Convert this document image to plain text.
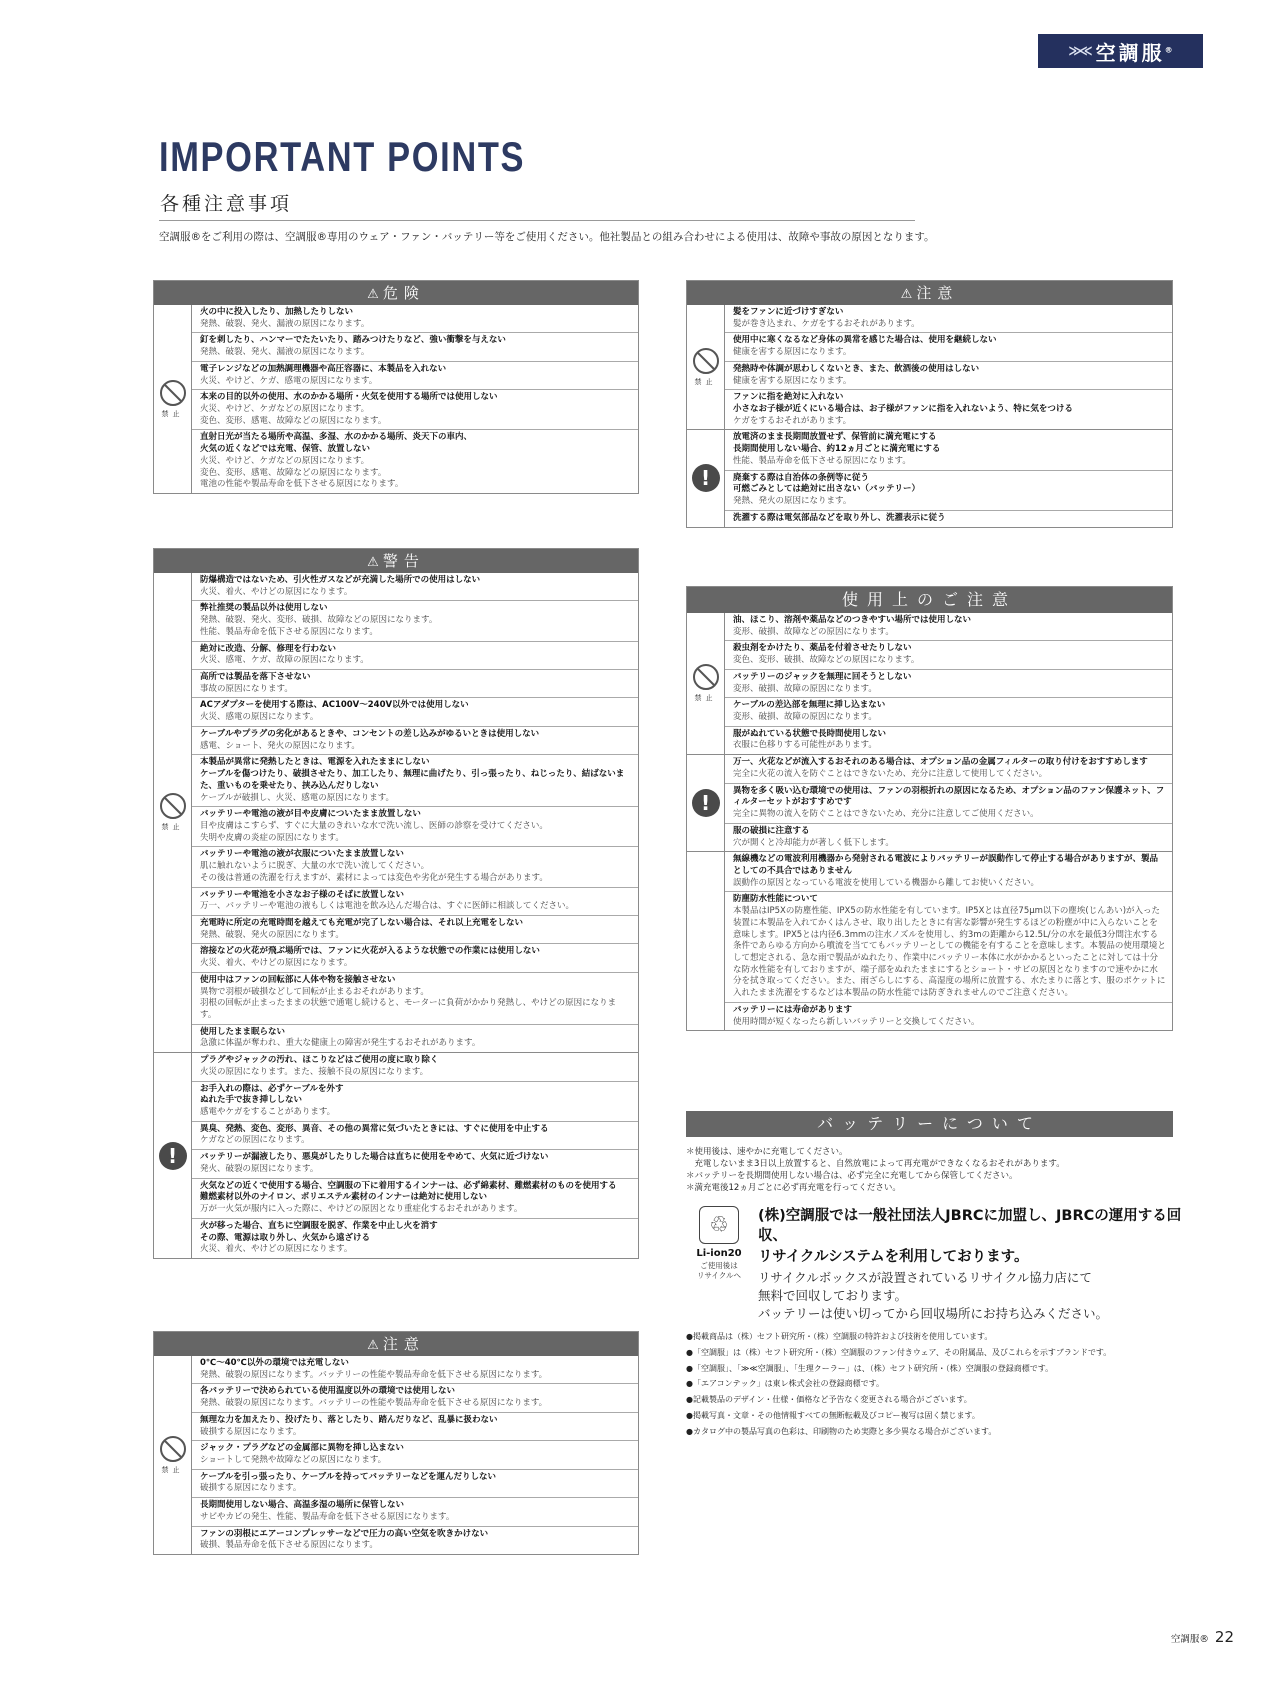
≫≪ 空調服®
IMPORTANT POINTS
各種注意事項
空調服®をご利用の際は、空調服®専用のウェア・ファン・バッテリー等をご使用ください。他社製品との組み合わせによる使用は、故障や事故の原因となります。
⚠ 危険
禁止
火の中に投入したり、加熱したりしない
発熱、破裂、発火、漏液の原因になります。
釘を刺したり、ハンマーでたたいたり、踏みつけたりなど、強い衝撃を与えない
発熱、破裂、発火、漏液の原因になります。
電子レンジなどの加熱調理機器や高圧容器に、本製品を入れない
火災、やけど、ケガ、感電の原因になります。
本来の目的以外の使用、水のかかる場所・火気を使用する場所では使用しない
火災、やけど、ケガなどの原因になります。
変色、変形、感電、故障などの原因になります。
直射日光が当たる場所や高温、多湿、水のかかる場所、炎天下の車内、
火気の近くなどでは充電、保管、放置しない
火災、やけど、ケガなどの原因になります。
変色、変形、感電、故障などの原因になります。
電池の性能や製品寿命を低下させる原因になります。
⚠ 警告
禁止
防爆構造ではないため、引火性ガスなどが充満した場所での使用はしない
火災、着火、やけどの原因になります。
弊社推奨の製品以外は使用しない
発熱、破裂、発火、変形、破損、故障などの原因になります。
性能、製品寿命を低下させる原因になります。
絶対に改造、分解、修理を行わない
火災、感電、ケガ、故障の原因になります。
高所では製品を落下させない
事故の原因になります。
ACアダプターを使用する際は、AC100V〜240V以外では使用しない
火災、感電の原因になります。
ケーブルやプラグの劣化があるときや、コンセントの差し込みがゆるいときは使用しない
感電、ショート、発火の原因になります。
本製品が異常に発熱したときは、電源を入れたままにしない
ケーブルを傷つけたり、破損させたり、加工したり、無理に曲げたり、引っ張ったり、ねじったり、結ばないまた、重いものを乗せたり、挟み込んだりしない
ケーブルが破損し、火災、感電の原因になります。
バッテリーや電池の液が目や皮膚についたまま放置しない
目や皮膚はこすらず、すぐに大量のきれいな水で洗い流し、医師の診察を受けてください。
失明や皮膚の炎症の原因になります。
バッテリーや電池の液が衣服についたまま放置しない
肌に触れないように脱ぎ、大量の水で洗い流してください。
その後は普通の洗濯を行えますが、素材によっては変色や劣化が発生する場合があります。
バッテリーや電池を小さなお子様のそばに放置しない
万一、バッテリーや電池の液もしくは電池を飲み込んだ場合は、すぐに医師に相談してください。
充電時に所定の充電時間を越えても充電が完了しない場合は、それ以上充電をしない
発熱、破裂、発火の原因になります。
溶接などの火花が飛ぶ場所では、ファンに火花が入るような状態での作業には使用しない
火災、着火、やけどの原因になります。
使用中はファンの回転部に人体や物を接触させない
異物で羽根が破損などして回転が止まるおそれがあります。
羽根の回転が止まったままの状態で通電し続けると、モーターに負荷がかかり発熱し、やけどの原因になります。
使用したまま眠らない
急激に体温が奪われ、重大な健康上の障害が発生するおそれがあります。
!
プラグやジャックの汚れ、ほこりなどはご使用の度に取り除く
火災の原因になります。また、接触不良の原因になります。
お手入れの際は、必ずケーブルを外す
ぬれた手で抜き挿ししない
感電やケガをすることがあります。
異臭、発熱、変色、変形、異音、その他の異常に気づいたときには、すぐに使用を中止する
ケガなどの原因になります。
バッテリーが漏液したり、悪臭がしたりした場合は直ちに使用をやめて、火気に近づけない
発火、破裂の原因になります。
火気などの近くで使用する場合、空調服の下に着用するインナーは、必ず綿素材、難燃素材のものを使用する
難燃素材以外のナイロン、ポリエステル素材のインナーは絶対に使用しない
万が一火気が服内に入った際に、やけどの原因となり重症化するおそれがあります。
火が移った場合、直ちに空調服を脱ぎ、作業を中止し火を消す
その際、電源は取り外し、火気から遠ざける
火災、着火、やけどの原因になります。
⚠ 注意
禁止
0℃〜40℃以外の環境では充電しない
発熱、破裂の原因になります。バッテリーの性能や製品寿命を低下させる原因になります。
各バッテリーで決められている使用温度以外の環境では使用しない
発熱、破裂の原因になります。バッテリーの性能や製品寿命を低下させる原因になります。
無理な力を加えたり、投げたり、落としたり、踏んだりなど、乱暴に扱わない
破損する原因になります。
ジャック・プラグなどの金属部に異物を挿し込まない
ショートして発熱や故障などの原因になります。
ケーブルを引っ張ったり、ケーブルを持ってバッテリーなどを運んだりしない
破損する原因になります。
長期間使用しない場合、高温多湿の場所に保管しない
サビやカビの発生、性能、製品寿命を低下させる原因になります。
ファンの羽根にエアーコンプレッサーなどで圧力の高い空気を吹きかけない
破損、製品寿命を低下させる原因になります。
⚠ 注意
禁止
髪をファンに近づけすぎない
髪が巻き込まれ、ケガをするおそれがあります。
使用中に寒くなるなど身体の異常を感じた場合は、使用を継続しない
健康を害する原因になります。
発熱時や体調が思わしくないとき、また、飲酒後の使用はしない
健康を害する原因になります。
ファンに指を絶対に入れない
小さなお子様が近くにいる場合は、お子様がファンに指を入れないよう、特に気をつける
ケガをするおそれがあります。
!
放電済のまま長期間放置せず、保管前に満充電にする
長期間使用しない場合、約12ヵ月ごとに満充電にする
性能、製品寿命を低下させる原因になります。
廃棄する際は自治体の条例等に従う
可燃ごみとしては絶対に出さない（バッテリー）
発熱、発火の原因になります。
洗濯する際は電気部品などを取り外し、洗濯表示に従う
使用上のご注意
禁止
油、ほこり、溶剤や薬品などのつきやすい場所では使用しない
変形、破損、故障などの原因になります。
殺虫剤をかけたり、薬品を付着させたりしない
変色、変形、破損、故障などの原因になります。
バッテリーのジャックを無理に回そうとしない
変形、破損、故障の原因になります。
ケーブルの差込部を無理に挿し込まない
変形、破損、故障の原因になります。
服がぬれている状態で長時間使用しない
衣服に色移りする可能性があります。
!
万一、火花などが流入するおそれのある場合は、オプション品の金属フィルターの取り付けをおすすめします
完全に火花の流入を防ぐことはできないため、充分に注意して使用してください。
異物を多く吸い込む環境での使用は、ファンの羽根折れの原因になるため、オプション品のファン保護ネット、フィルターセットがおすすめです
完全に異物の流入を防ぐことはできないため、充分に注意してご使用ください。
服の破損に注意する
穴が開くと冷却能力が著しく低下します。
無線機などの電波利用機器から発射される電波によりバッテリーが誤動作して停止する場合がありますが、製品としての不具合ではありません
誤動作の原因となっている電波を使用している機器から離してお使いください。
防塵防水性能について
本製品はIP5Xの防塵性能、IPX5の防水性能を有しています。IP5Xとは直径75μm以下の塵埃(じんあい)が入った装置に本製品を入れてかくはんさせ、取り出したときに有害な影響が発生するほどの粉塵が中に入らないことを意味します。IPX5とは内径6.3mmの注水ノズルを使用し、約3mの距離から12.5L/分の水を最低3分間注水する条件であらゆる方向から噴流を当ててもバッテリーとしての機能を有することを意味します。本製品の使用環境として想定される、急な雨で製品がぬれたり、作業中にバッテリー本体に水がかかるといったことに対しては十分な防水性能を有しておりますが、端子部をぬれたままにするとショート・サビの原因となりますので速やかに水分を拭き取ってください。また、雨ざらしにする、高湿度の場所に放置する、水たまりに落とす、服のポケットに入れたまま洗濯をするなどは本製品の防水性能では防ぎきれませんのでご注意ください。
バッテリーには寿命があります
使用時間が短くなったら新しいバッテリーと交換してください。
バッテリーについて
＊使用後は、速やかに充電してください。
　充電しないまま3日以上放置すると、自然放電によって再充電ができなくなるおそれがあります。
＊バッテリーを長期間使用しない場合は、必ず完全に充電してから保管してください。
＊満充電後12ヵ月ごとに必ず再充電を行ってください。
♲
Li-ion20
ご使用後は
リサイクルへ
(株)空調服では一般社団法人JBRCに加盟し、JBRCの運用する回収、
リサイクルシステムを利用しております。
リサイクルボックスが設置されているリサイクル協力店にて
無料で回収しております。
バッテリーは使い切ってから回収場所にお持ち込みください。
●掲載商品は（株）セフト研究所・（株）空調服の特許および技術を使用しています。
●「空調服」は（株）セフト研究所・（株）空調服のファン付きウェア、その附属品、及びこれらを示すブランドです。
●「空調服」、「≫≪空調服」、「生理クーラー」は、（株）セフト研究所・（株）空調服の登録商標です。
●「エアコンテック」は東レ株式会社の登録商標です。
●記載製品のデザイン・仕様・価格など予告なく変更される場合がございます。
●掲載写真・文章・その他情報すべての無断転載及びコピー複写は固く禁じます。
●カタログ中の製品写真の色彩は、印刷物のため実際と多少異なる場合がございます。
空調服® 22
